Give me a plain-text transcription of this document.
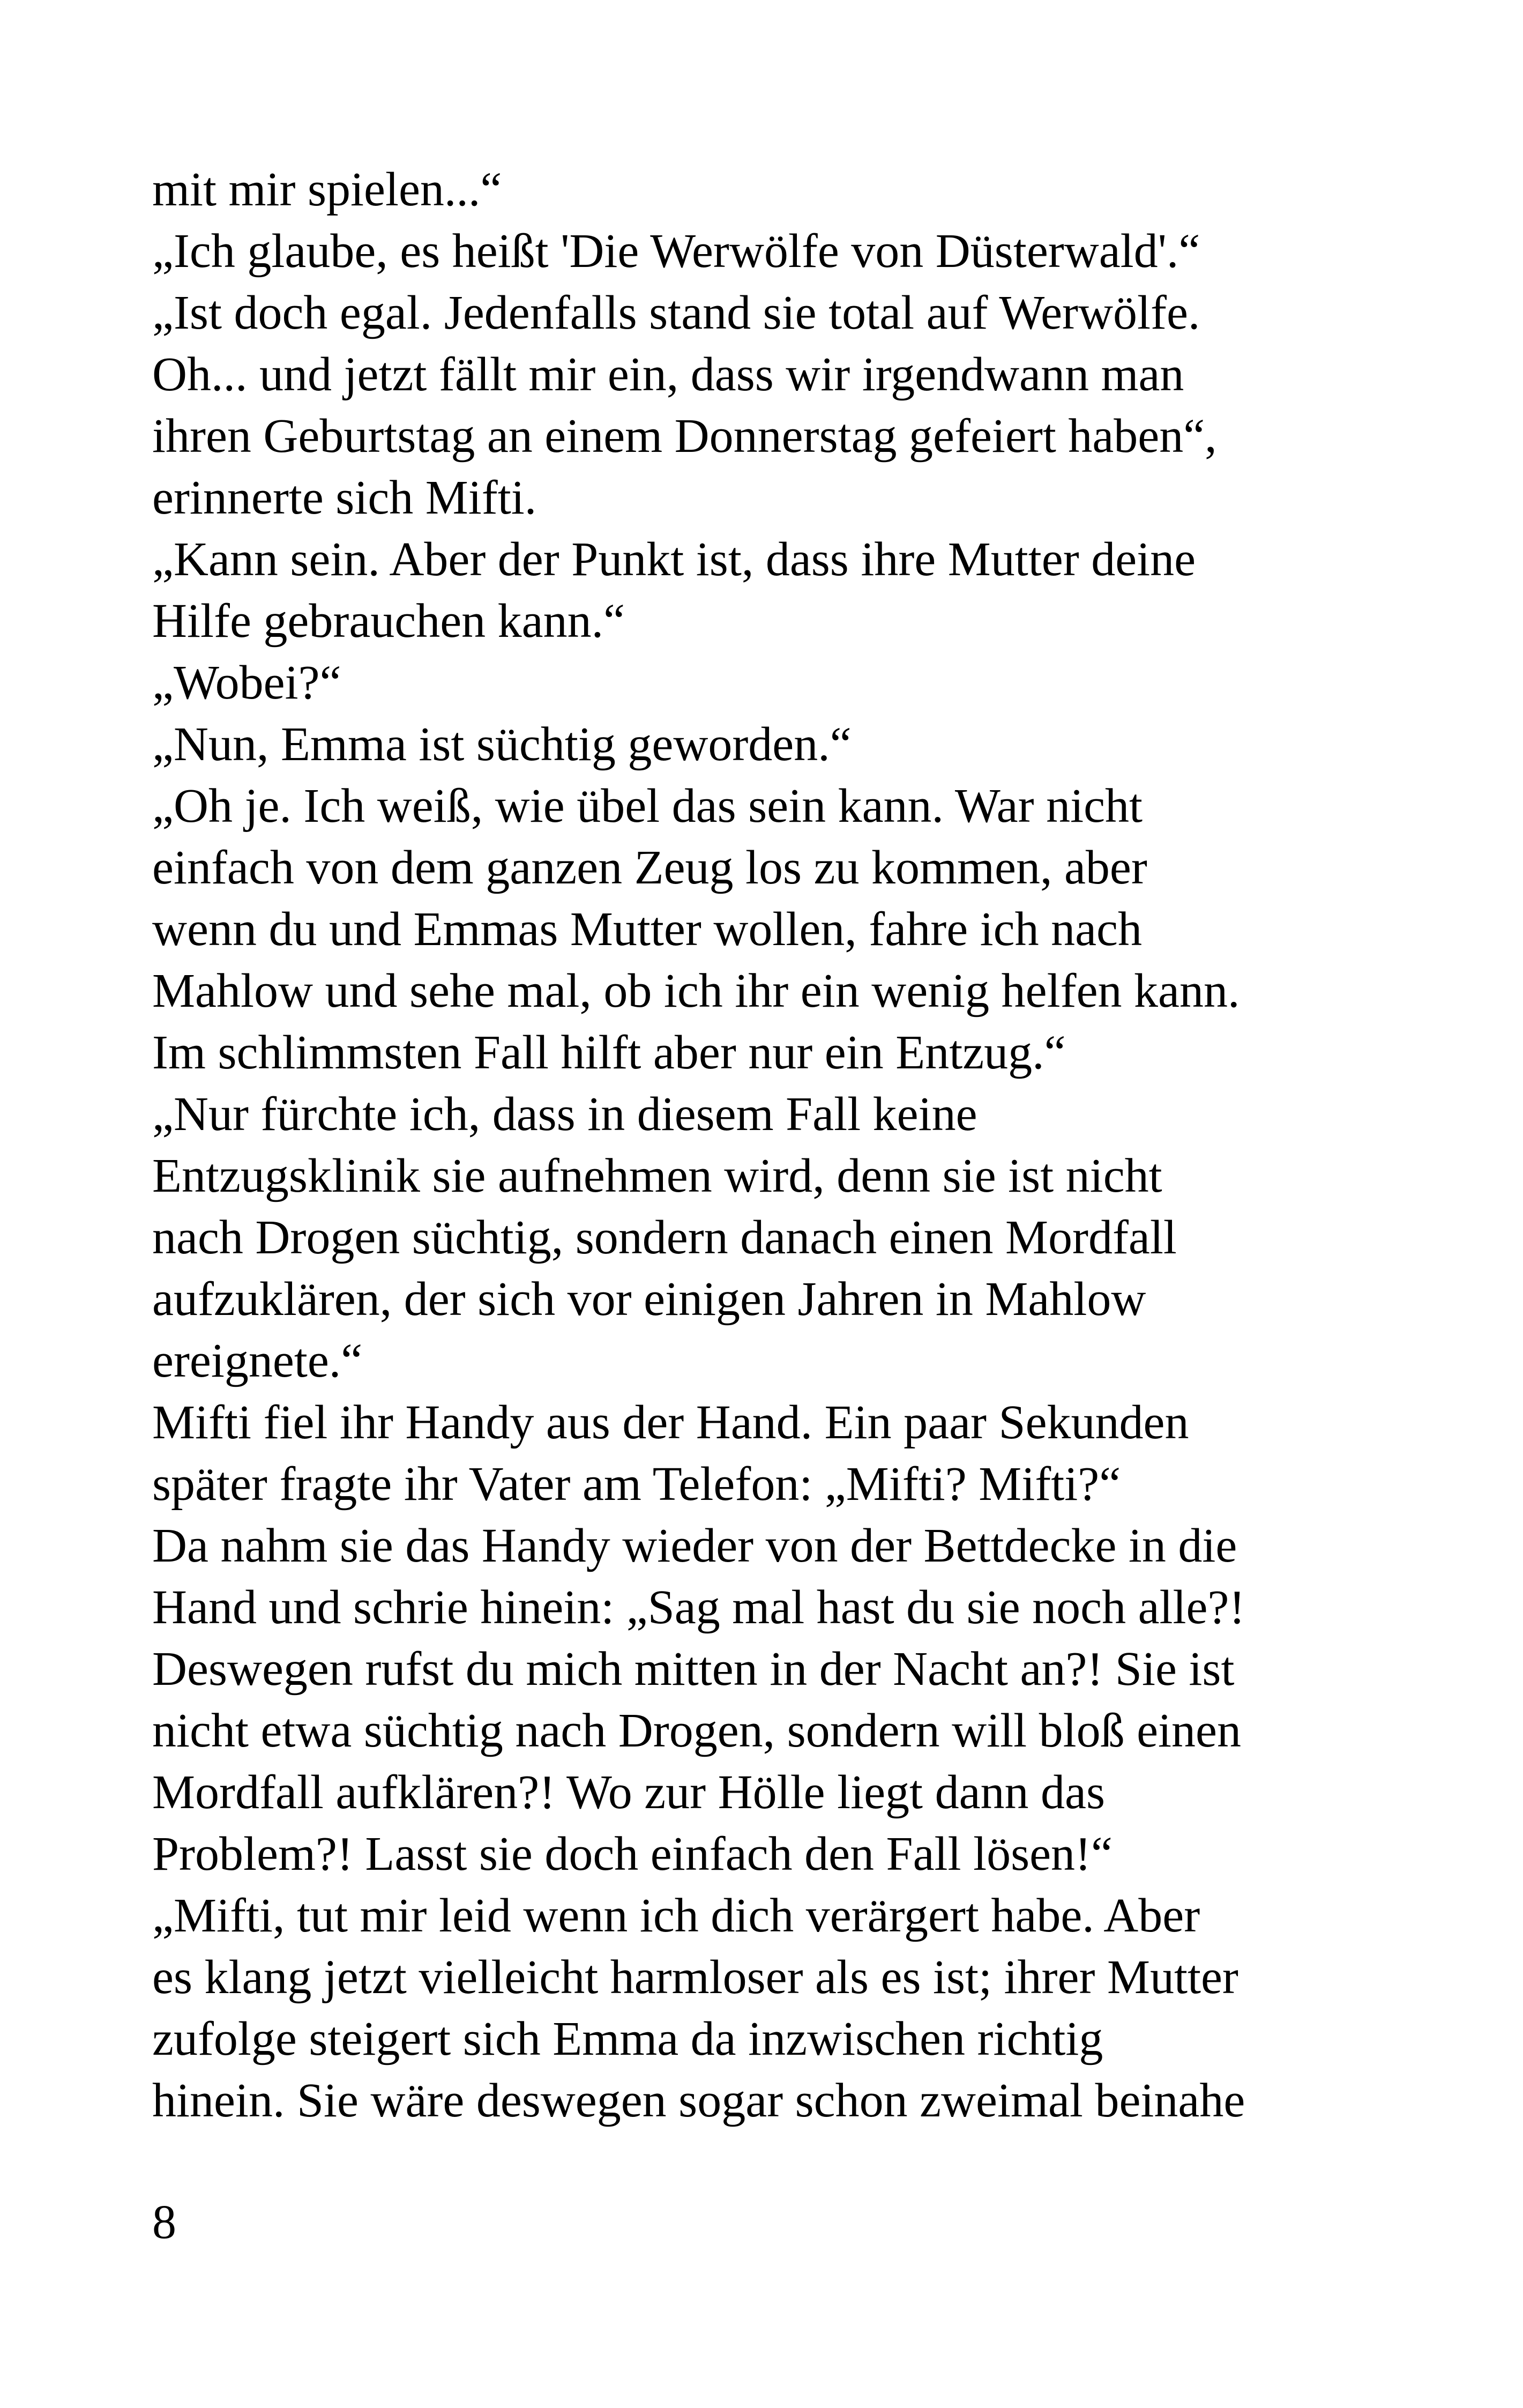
mit mir spielen...“
„Ich glaube, es heißt 'Die Werwölfe von Düsterwald'.“
„Ist doch egal. Jedenfalls stand sie total auf Werwölfe.
Oh... und jetzt fällt mir ein, dass wir irgendwann man
ihren Geburtstag an einem Donnerstag gefeiert haben“,
erinnerte sich Mifti.
„Kann sein. Aber der Punkt ist, dass ihre Mutter deine
Hilfe gebrauchen kann.“
„Wobei?“
„Nun, Emma ist süchtig geworden.“
„Oh je. Ich weiß, wie übel das sein kann. War nicht
einfach von dem ganzen Zeug los zu kommen, aber
wenn du und Emmas Mutter wollen, fahre ich nach
Mahlow und sehe mal, ob ich ihr ein wenig helfen kann.
Im schlimmsten Fall hilft aber nur ein Entzug.“
„Nur fürchte ich, dass in diesem Fall keine
Entzugsklinik sie aufnehmen wird, denn sie ist nicht
nach Drogen süchtig, sondern danach einen Mordfall
aufzuklären, der sich vor einigen Jahren in Mahlow
ereignete.“
Mifti fiel ihr Handy aus der Hand. Ein paar Sekunden
später fragte ihr Vater am Telefon: „Mifti? Mifti?“
Da nahm sie das Handy wieder von der Bettdecke in die
Hand und schrie hinein: „Sag mal hast du sie noch alle?!
Deswegen rufst du mich mitten in der Nacht an?! Sie ist
nicht etwa süchtig nach Drogen, sondern will bloß einen
Mordfall aufklären?! Wo zur Hölle liegt dann das
Problem?! Lasst sie doch einfach den Fall lösen!“
„Mifti, tut mir leid wenn ich dich verärgert habe. Aber
es klang jetzt vielleicht harmloser als es ist; ihrer Mutter
zufolge steigert sich Emma da inzwischen richtig
hinein. Sie wäre deswegen sogar schon zweimal beinahe
8
